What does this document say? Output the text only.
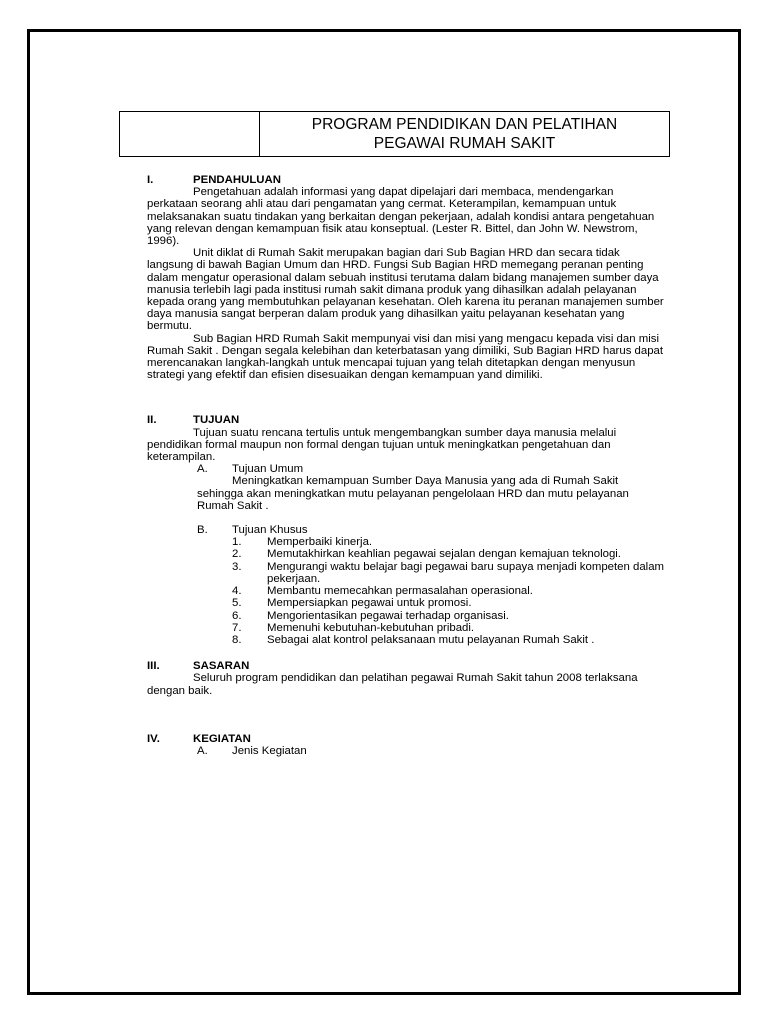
PROGRAM PENDIDIKAN DAN PELATIHAN
PEGAWAI RUMAH SAKIT
I.	PENDAHULUAN

Pengetahuan adalah informasi yang dapat dipelajari dari membaca, mendengarkan perkataan seorang ahli atau dari pengamatan yang cermat. Keterampilan, kemampuan untuk melaksanakan suatu tindakan yang berkaitan dengan pekerjaan, adalah kondisi antara pengetahuan yang relevan dengan kemampuan fisik atau konseptual. (Lester R. Bittel, dan John W. Newstrom, 1996).

Unit diklat di Rumah Sakit merupakan bagian dari Sub Bagian HRD dan secara tidak langsung di bawah Bagian Umum dan HRD. Fungsi Sub Bagian HRD memegang peranan penting dalam mengatur operasional dalam sebuah institusi terutama dalam bidang manajemen sumber daya manusia terlebih lagi pada institusi rumah sakit dimana produk yang dihasilkan adalah pelayanan kepada orang yang membutuhkan pelayanan kesehatan. Oleh karena itu peranan manajemen sumber daya manusia sangat berperan dalam produk yang dihasilkan yaitu pelayanan kesehatan yang bermutu.

Sub Bagian HRD Rumah Sakit mempunyai visi dan misi yang mengacu kepada visi dan misi Rumah Sakit . Dengan segala kelebihan dan keterbatasan yang dimiliki, Sub Bagian HRD harus dapat merencanakan langkah-langkah untuk mencapai tujuan yang telah ditetapkan dengan menyusun strategi yang efektif dan efisien disesuaikan dengan kemampuan yand dimiliki.

II.	TUJUAN

Tujuan suatu rencana tertulis untuk mengembangkan sumber daya manusia melalui pendidikan formal maupun non formal dengan tujuan untuk meningkatkan pengetahuan dan keterampilan.

A.	Tujuan Umum

Meningkatkan kemampuan Sumber Daya Manusia yang ada di Rumah Sakit sehingga akan meningkatkan mutu pelayanan pengelolaan HRD dan mutu pelayanan Rumah Sakit .

B.	Tujuan Khusus
1.	Memperbaiki kinerja.
2.	Memutakhirkan keahlian pegawai sejalan dengan kemajuan teknologi.
3.	Mengurangi waktu belajar bagi pegawai baru supaya menjadi kompeten dalam pekerjaan.
4.	Membantu memecahkan permasalahan operasional.
5.	Mempersiapkan pegawai untuk promosi.
6.	Mengorientasikan pegawai terhadap organisasi.
7.	Memenuhi kebutuhan-kebutuhan pribadi.
8.	Sebagai alat kontrol pelaksanaan mutu pelayanan Rumah Sakit .
III.	SASARAN

Seluruh program pendidikan dan pelatihan pegawai Rumah Sakit tahun 2008 terlaksana dengan baik.

IV.	KEGIATAN
A.	Jenis Kegiatan
